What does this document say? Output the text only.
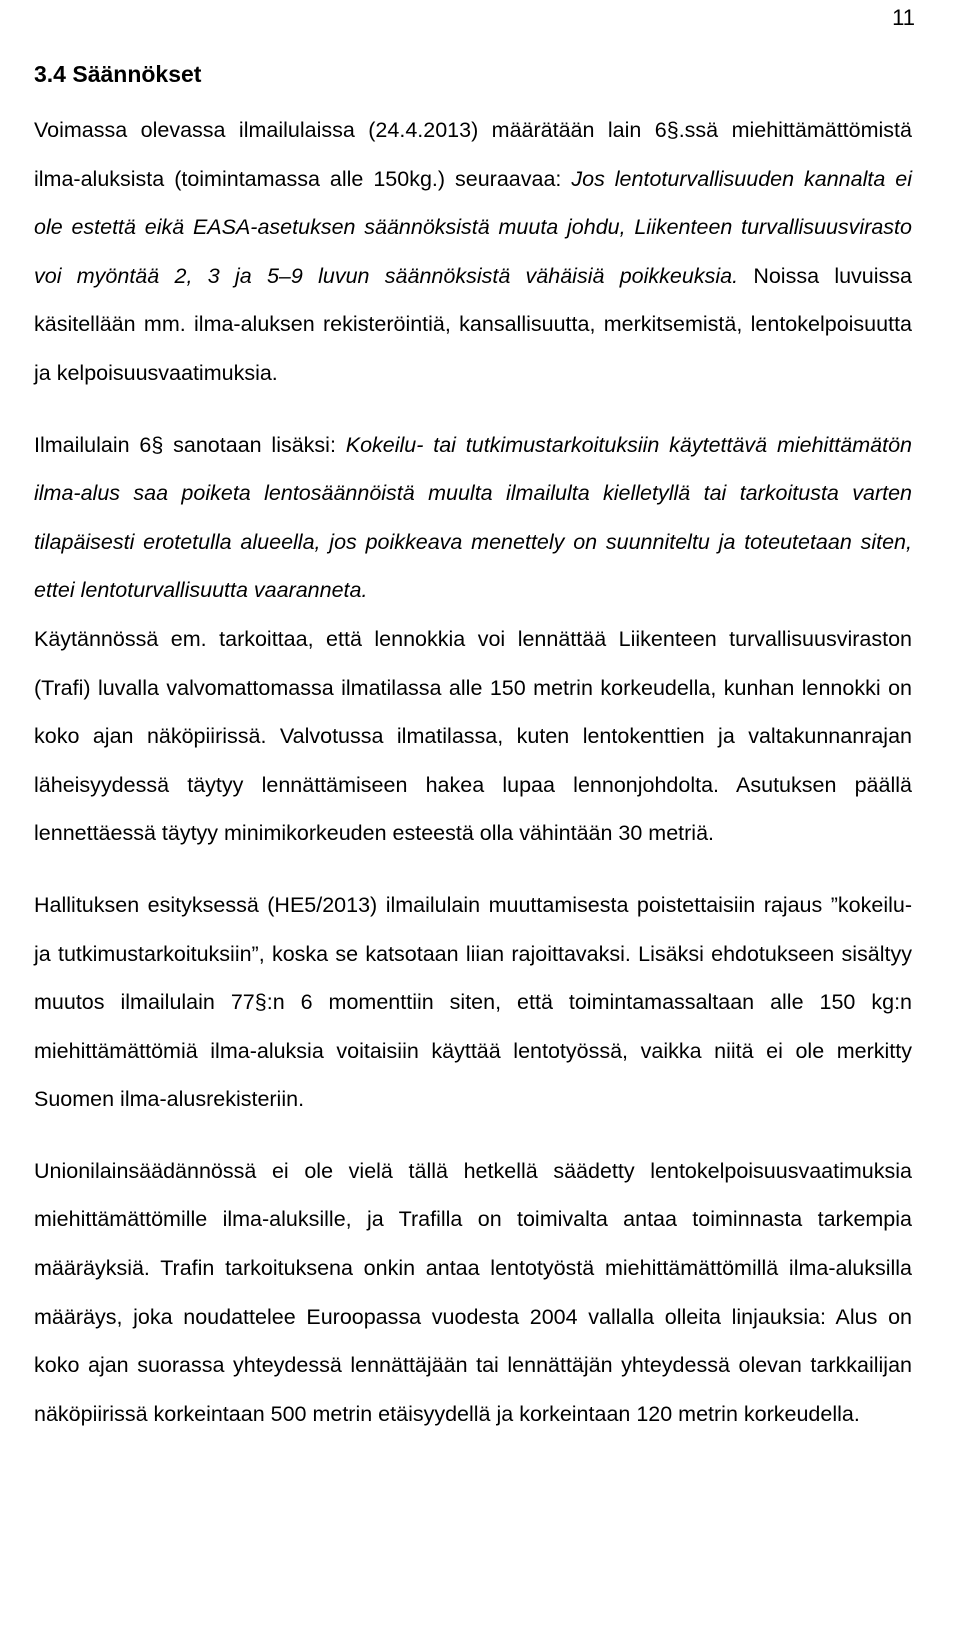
11
3.4 Säännökset

Voimassa olevassa ilmailulaissa (24.4.2013) määrätään lain 6§.ssä miehittämättömistä ilma-aluksista (toimintamassa alle 150kg.) seuraavaa: Jos lentoturvallisuuden kannalta ei ole estettä eikä EASA-asetuksen säännöksistä muuta johdu, Liikenteen turvallisuusvirasto voi myöntää 2, 3 ja 5–9 luvun säännöksistä vähäisiä poikkeuksia. Noissa luvuissa käsitellään mm. ilma-aluksen rekisteröintiä, kansallisuutta, merkitsemistä, lentokelpoisuutta ja kelpoisuusvaatimuksia.

Ilmailulain 6§ sanotaan lisäksi: Kokeilu- tai tutkimustarkoituksiin käytettävä miehittämätön ilma-alus saa poiketa lentosäännöistä muulta ilmailulta kielletyllä tai tarkoitusta varten tilapäisesti erotetulla alueella, jos poikkeava menettely on suunniteltu ja toteutetaan siten, ettei lentoturvallisuutta vaaranneta.

Käytännössä em. tarkoittaa, että lennokkia voi lennättää Liikenteen turvallisuusviraston (Trafi) luvalla valvomattomassa ilmatilassa alle 150 metrin korkeudella, kunhan lennokki on koko ajan näköpiirissä. Valvotussa ilmatilassa, kuten lentokenttien ja valtakunnanrajan läheisyydessä täytyy lennättämiseen hakea lupaa lennonjohdolta. Asutuksen päällä lennettäessä täytyy minimikorkeuden esteestä olla vähintään 30 metriä.

Hallituksen esityksessä (HE5/2013) ilmailulain muuttamisesta poistettaisiin rajaus ”kokeilu- ja tutkimustarkoituksiin”, koska se katsotaan liian rajoittavaksi. Lisäksi ehdotukseen sisältyy muutos ilmailulain 77§:n 6 momenttiin siten, että toimintamassaltaan alle 150 kg:n miehittämättömiä ilma-aluksia voitaisiin käyttää lentotyössä, vaikka niitä ei ole merkitty Suomen ilma-alusrekisteriin.

Unionilainsäädännössä ei ole vielä tällä hetkellä säädetty lentokelpoisuusvaatimuksia miehittämättömille ilma-aluksille, ja Trafilla on toimivalta antaa toiminnasta tarkempia määräyksiä. Trafin tarkoituksena onkin antaa lentotyöstä miehittämättömillä ilma-aluksilla määräys, joka noudattelee Euroopassa vuodesta 2004 vallalla olleita linjauksia: Alus on koko ajan suorassa yhteydessä lennättäjään tai lennättäjän yhteydessä olevan tarkkailijan näköpiirissä korkeintaan 500 metrin etäisyydellä ja korkeintaan 120 metrin korkeudella.
